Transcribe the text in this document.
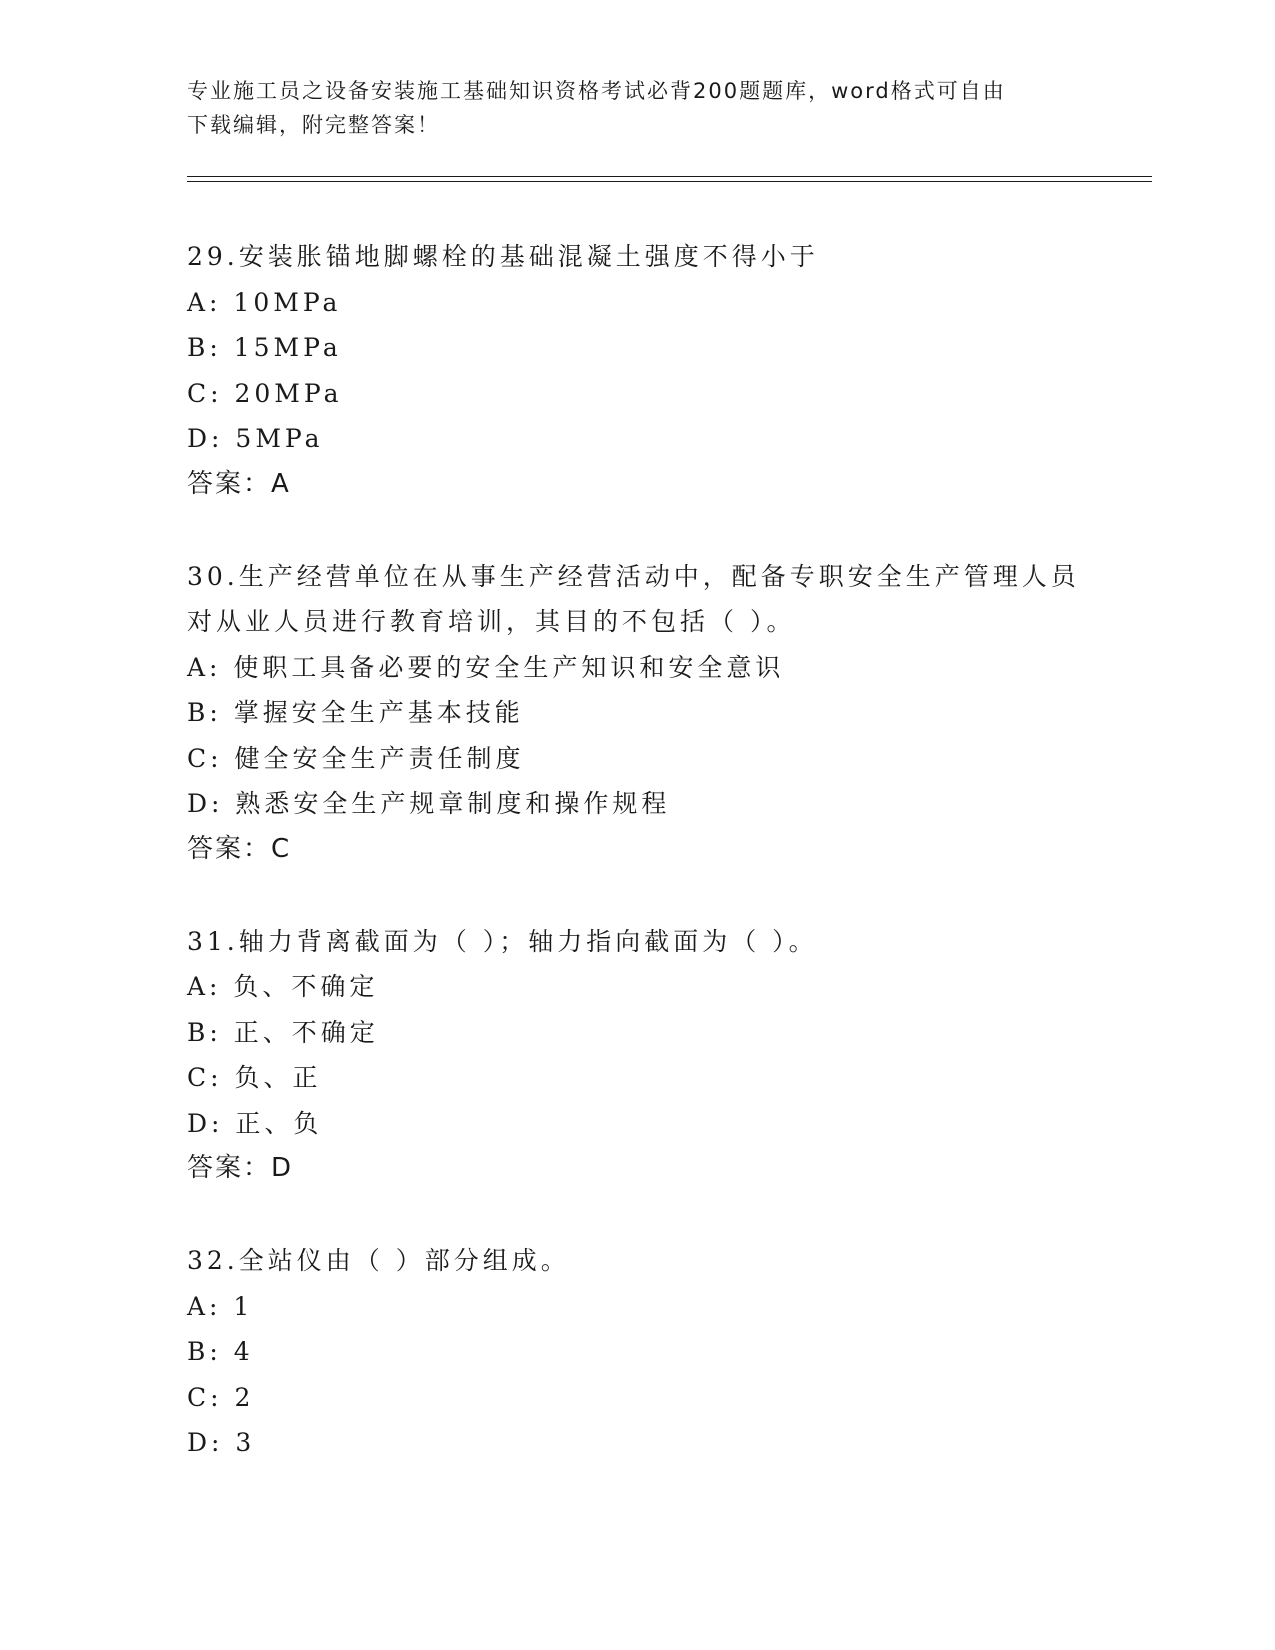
专业施工员之设备安装施工基础知识资格考试必背200题题库，word格式可自由
下载编辑，附完整答案！

29.安装胀锚地脚螺栓的基础混凝土强度不得小于

A: 10MPa

B: 15MPa

C: 20MPa

D: 5MPa

答案：A

30.生产经营单位在从事生产经营活动中，配备专职安全生产管理人员

对从业人员进行教育培训，其目的不包括（ ）。

A: 使职工具备必要的安全生产知识和安全意识

B: 掌握安全生产基本技能

C: 健全安全生产责任制度

D: 熟悉安全生产规章制度和操作规程

答案：C

31.轴力背离截面为（ ）；轴力指向截面为（ ）。

A: 负、不确定

B: 正、不确定

C: 负、正

D: 正、负

答案：D

32.全站仪由（ ）部分组成。

A: 1

B: 4

C: 2

D: 3
